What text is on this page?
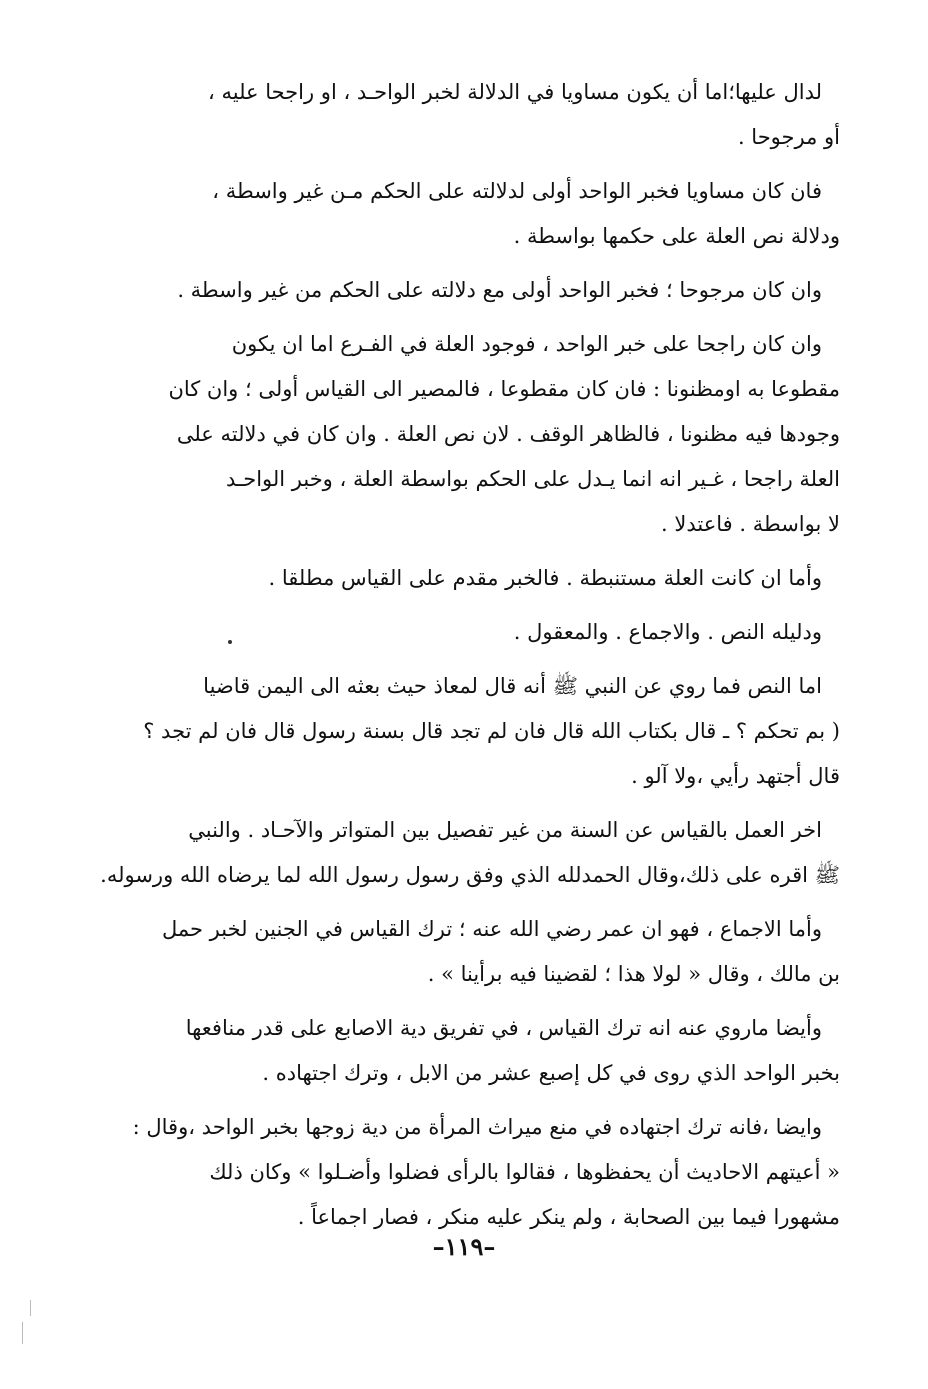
لدال عليها؛اما أن يكون مساويا في الدلالة لخبر الواحـد ، او راجحا عليه ،
أو مرجوحا .
فان كان مساويا فخبر الواحد أولى لدلالته على الحكم مـن غير واسطة ،
ودلالة نص العلة على حكمها بواسطة .
وان كان مرجوحا ؛ فخبر الواحد أولى مع دلالته على الحكم من غير واسطة .
وان كان راجحا على خبر الواحد ، فوجود العلة في الفـرع اما ان يكون
مقطوعا به اومظنونا : فان كان مقطوعا ، فالمصير الى القياس أولى ؛ وان كان
وجودها فيه مظنونا ، فالظاهر الوقف . لان نص العلة . وان كان في دلالته على
العلة راجحا ، غـير انه انما يـدل على الحكم بواسطة العلة ، وخبر الواحـد
لا بواسطة . فاعتدلا .
وأما ان كانت العلة مستنبطة . فالخبر مقدم على القياس مطلقا .
ودليله النص . والاجماع . والمعقول .
اما النص فما روي عن النبي ﷺ أنه قال لمعاذ حيث بعثه الى اليمن قاضيا
( بم تحكم ؟ ـ قال بكتاب الله قال فان لم تجد قال بسنة رسول قال فان لم تجد ؟
قال أجتهد رأيي ،ولا آلو .
اخر العمل بالقياس عن السنة من غير تفصيل بين المتواتر والآحـاد . والنبي
ﷺ اقره على ذلك،وقال الحمدلله الذي وفق رسول رسول الله لما يرضاه الله ورسوله.
وأما الاجماع ، فهو ان عمر رضي الله عنه ؛ ترك القياس في الجنين لخبر حمل
بن مالك ، وقال « لولا هذا ؛ لقضينا فيه برأينا » .
وأيضا ماروي عنه انه ترك القياس ، في تفريق دية الاصابع على قدر منافعها
بخبر الواحد الذي روى في كل إصبع عشر من الابل ، وترك اجتهاده .
وايضا ،فانه ترك اجتهاده في منع ميراث المرأة من دية زوجها بخبر الواحد ،وقال :
« أعيتهم الاحاديث أن يحفظوها ، فقالوا بالرأى فضلوا وأضـلوا » وكان ذلك
مشهورا فيما بين الصحابة ، ولم ينكر عليه منكر ، فصار اجماعاً .
–١١٩–
